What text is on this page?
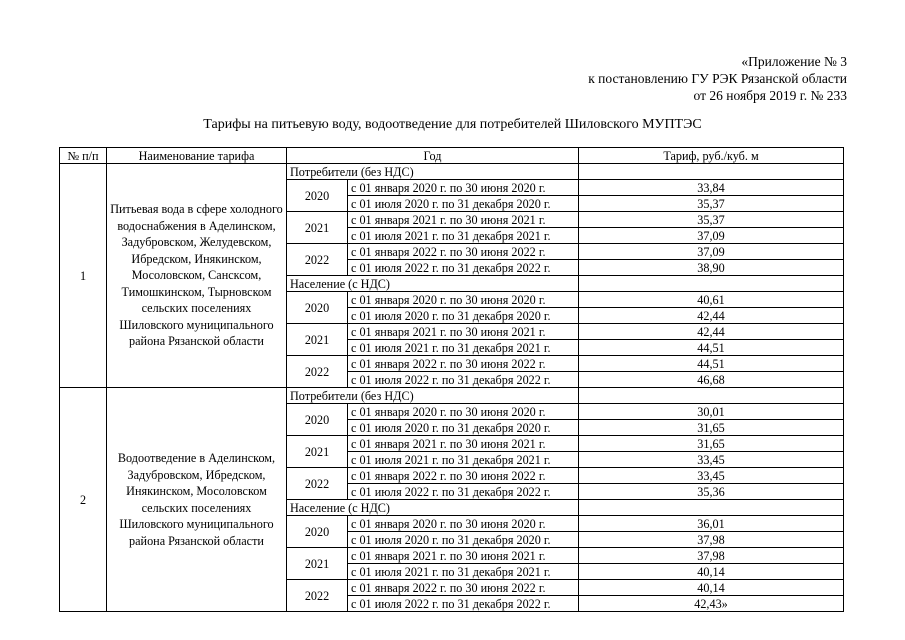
«Приложение № 3
к постановлению ГУ РЭК Рязанской области
от 26 ноября 2019 г. № 233
Тарифы на питьевую воду, водоотведение для потребителей Шиловского МУПТЭС
№ п/п	Наименование тарифа	Год		Тариф, руб./куб. м
1	Питьевая вода в сфере холодного водоснабжения в Аделинском, Задубровском, Желудевском, Ибредском, Инякинском, Мосоловском, Сансксом, Тимошкинском, Тырновском сельских поселениях Шиловского муниципального района Рязанской области	Потребители (без НДС)		
		2020	с 01 января 2020 г. по 30 июня 2020 г.	33,84
			с 01 июля 2020 г. по 31 декабря 2020 г.	35,37
		2021	с 01 января 2021 г. по 30 июня 2021 г.	35,37
			с 01 июля 2021 г. по 31 декабря 2021 г.	37,09
		2022	с 01 января 2022 г. по 30 июня 2022 г.	37,09
			с 01 июля 2022 г. по 31 декабря 2022 г.	38,90
		Население (с НДС)		
		2020	с 01 января 2020 г. по 30 июня 2020 г.	40,61
			с 01 июля 2020 г. по 31 декабря 2020 г.	42,44
		2021	с 01 января 2021 г. по 30 июня 2021 г.	42,44
			с 01 июля 2021 г. по 31 декабря 2021 г.	44,51
		2022	с 01 января 2022 г. по 30 июня 2022 г.	44,51
			с 01 июля 2022 г. по 31 декабря 2022 г.	46,68
2	Водоотведение в Аделинском, Задубровском, Ибредском, Инякинском, Мосоловском сельских поселениях Шиловского муниципального района Рязанской области	Потребители (без НДС)		
		2020	с 01 января 2020 г. по 30 июня 2020 г.	30,01
			с 01 июля 2020 г. по 31 декабря 2020 г.	31,65
		2021	с 01 января 2021 г. по 30 июня 2021 г.	31,65
			с 01 июля 2021 г. по 31 декабря 2021 г.	33,45
		2022	с 01 января 2022 г. по 30 июня 2022 г.	33,45
			с 01 июля 2022 г. по 31 декабря 2022 г.	35,36
		Население (с НДС)		
		2020	с 01 января 2020 г. по 30 июня 2020 г.	36,01
			с 01 июля 2020 г. по 31 декабря 2020 г.	37,98
		2021	с 01 января 2021 г. по 30 июня 2021 г.	37,98
			с 01 июля 2021 г. по 31 декабря 2021 г.	40,14
		2022	с 01 января 2022 г. по 30 июня 2022 г.	40,14
			с 01 июля 2022 г. по 31 декабря 2022 г.	42,43»
